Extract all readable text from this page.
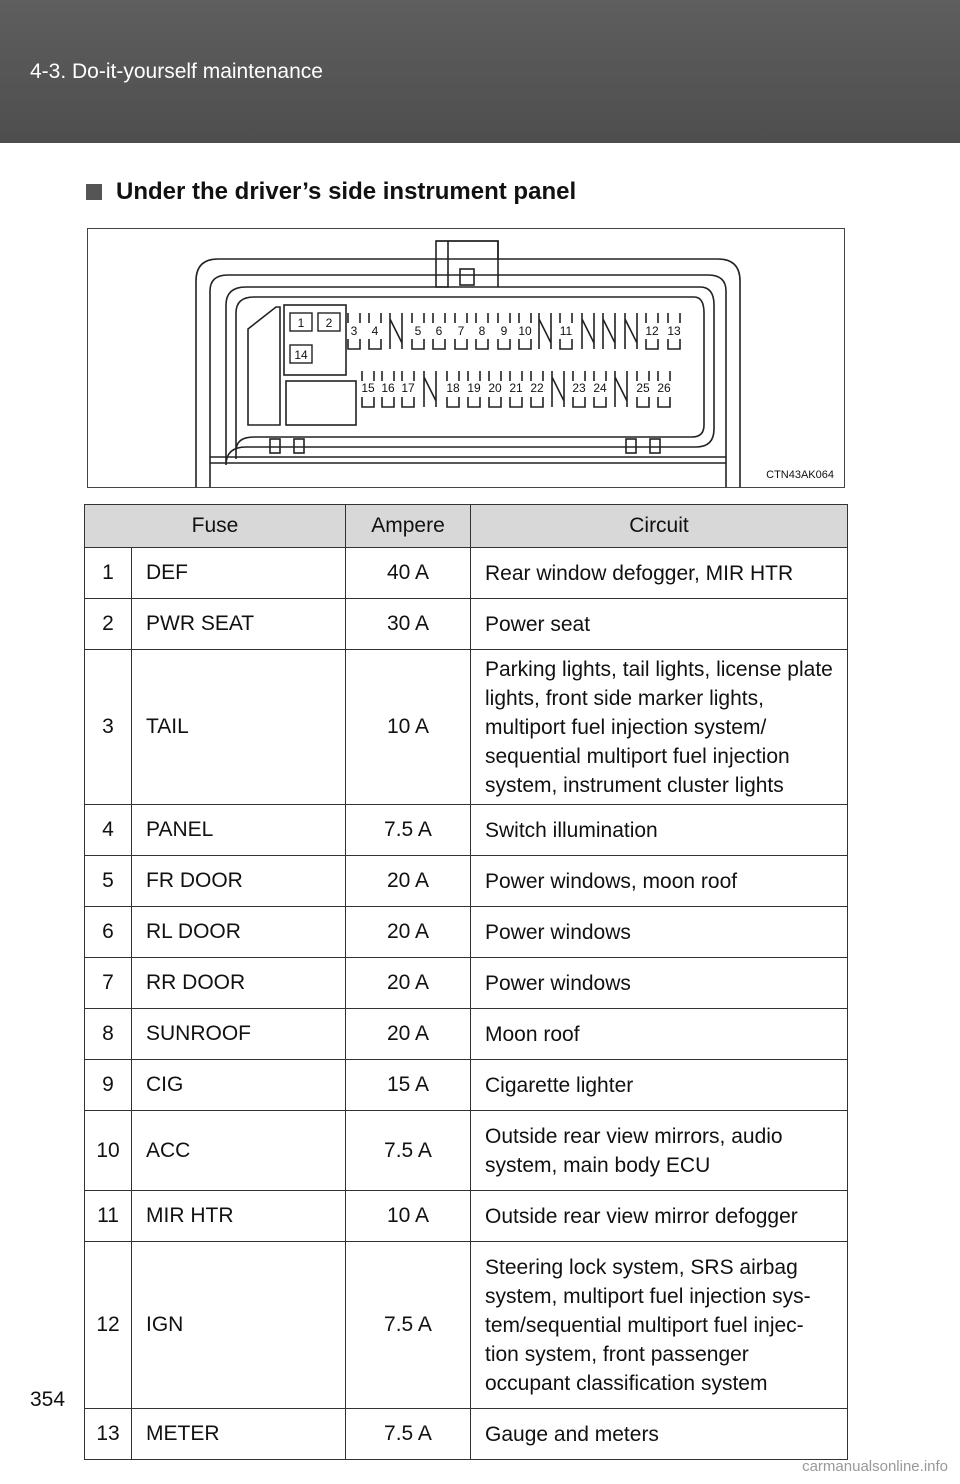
4-3. Do-it-yourself maintenance
Under the driver’s side instrument panel
1 2
14
3 4	5 6 7 8 9 10 11	12 13
15 16 17	18 19 20 21 22 23 24 25 26
CTN43AK064
Fuse		Ampere	Circuit
1	DEF	40 A	Rear window defogger, MIR HTR
2	PWR SEAT	30 A	Power seat
3	TAIL	10 A	Parking lights, tail lights, license plate lights, front side marker lights, multiport fuel injection system/ sequential multiport fuel injection system, instrument cluster lights
4	PANEL	7.5 A	Switch illumination
5	FR DOOR	20 A	Power windows, moon roof
6	RL DOOR	20 A	Power windows
7	RR DOOR	20 A	Power windows
8	SUNROOF	20 A	Moon roof
9	CIG	15 A	Cigarette lighter
10	ACC	7.5 A	Outside rear view mirrors, audio system, main body ECU
11	MIR HTR	10 A	Outside rear view mirror defogger
12	IGN	7.5 A	Steering lock system, SRS airbag system, multiport fuel injection sys-tem/sequential multiport fuel injec-tion system, front passenger occupant classification system
13	METER	7.5 A	Gauge and meters
354
carmanualsonline.info
